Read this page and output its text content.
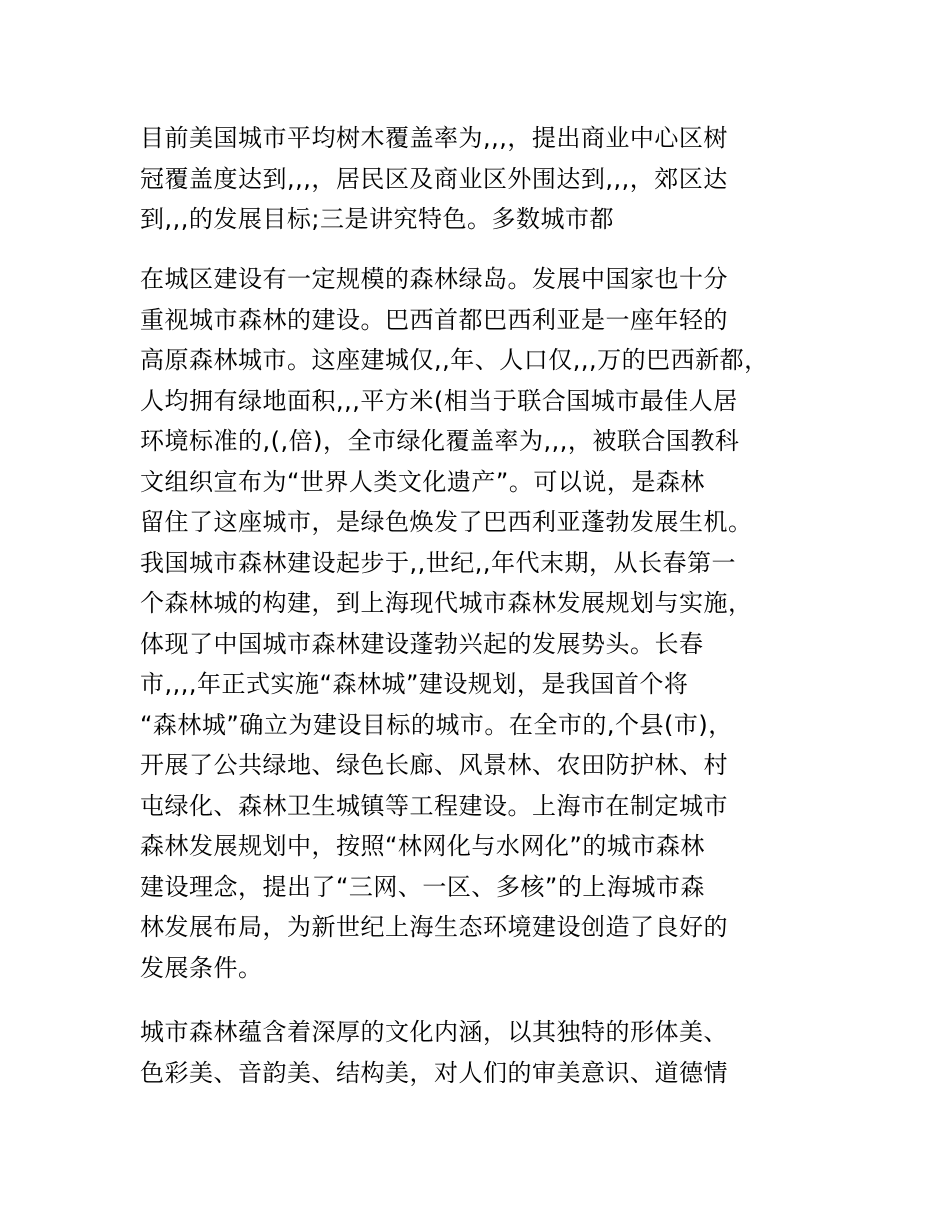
目前美国城市平均树木覆盖率为,,,，提出商业中心区树
冠覆盖度达到,,,，居民区及商业区外围达到,,,，郊区达
到,,,的发展目标;三是讲究特色。多数城市都
在城区建设有一定规模的森林绿岛。发展中国家也十分
重视城市森林的建设。巴西首都巴西利亚是一座年轻的
高原森林城市。这座建城仅,,年、人口仅,,,万的巴西新都，
人均拥有绿地面积,,,平方米(相当于联合国城市最佳人居
环境标准的,(,倍)，全市绿化覆盖率为,,,，被联合国教科
文组织宣布为“世界人类文化遗产”。可以说，是森林
留住了这座城市，是绿色焕发了巴西利亚蓬勃发展生机。
我国城市森林建设起步于,,世纪,,年代末期，从长春第一
个森林城的构建，到上海现代城市森林发展规划与实施，
体现了中国城市森林建设蓬勃兴起的发展势头。长春
市,,,,年正式实施“森林城”建设规划，是我国首个将
“森林城”确立为建设目标的城市。在全市的,个县(市)，
开展了公共绿地、绿色长廊、风景林、农田防护林、村
屯绿化、森林卫生城镇等工程建设。上海市在制定城市
森林发展规划中，按照“林网化与水网化”的城市森林
建设理念，提出了“三网、一区、多核”的上海城市森
林发展布局，为新世纪上海生态环境建设创造了良好的
发展条件。
城市森林蕴含着深厚的文化内涵，以其独特的形体美、
色彩美、音韵美、结构美，对人们的审美意识、道德情
